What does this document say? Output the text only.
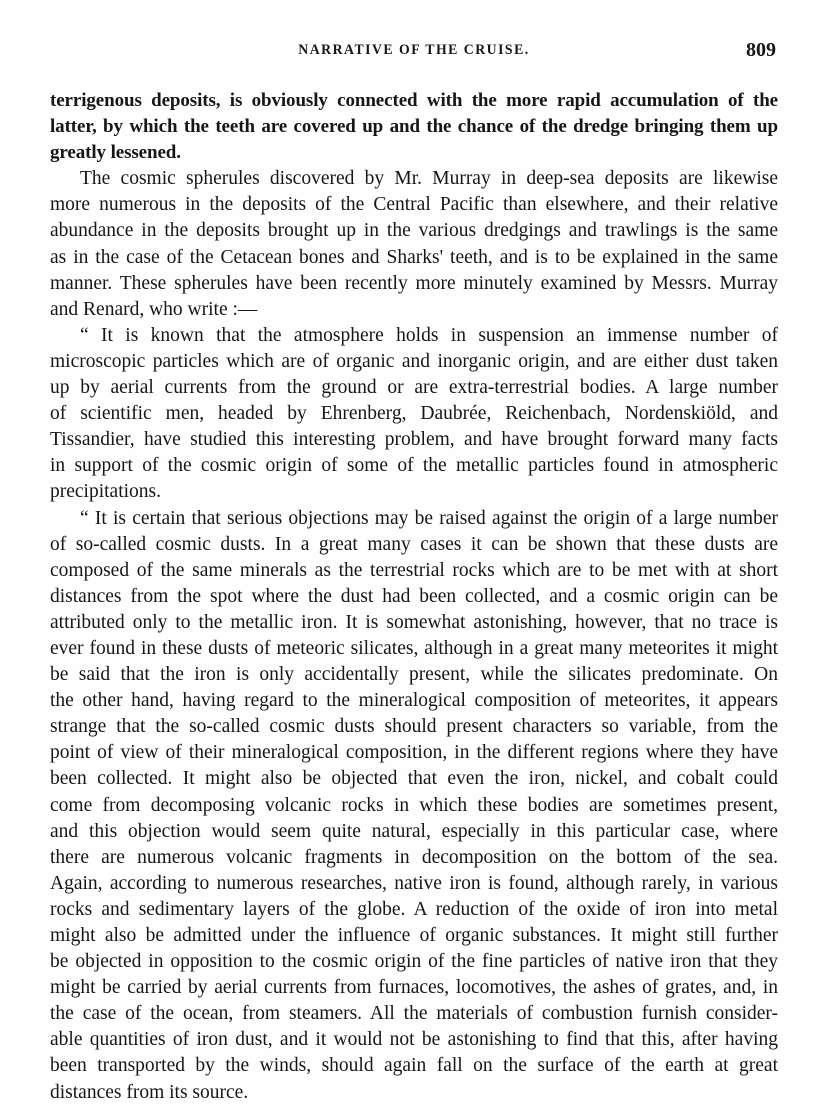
NARRATIVE OF THE CRUISE.	809
terrigenous deposits, is obviously connected with the more rapid accumulation of the
latter, by which the teeth are covered up and the chance of the dredge bringing them up
greatly lessened.
The cosmic spherules discovered by Mr. Murray in deep-sea deposits are likewise
more numerous in the deposits of the Central Pacific than elsewhere, and their relative
abundance in the deposits brought up in the various dredgings and trawlings is the same
as in the case of the Cetacean bones and Sharks' teeth, and is to be explained in the same
manner. These spherules have been recently more minutely examined by Messrs. Murray
and Renard, who write :—
“ It is known that the atmosphere holds in suspension an immense number of
microscopic particles which are of organic and inorganic origin, and are either dust taken
up by aerial currents from the ground or are extra-terrestrial bodies. A large number
of scientific men, headed by Ehrenberg, Daubrée, Reichenbach, Nordenskiöld, and
Tissandier, have studied this interesting problem, and have brought forward many facts
in support of the cosmic origin of some of the metallic particles found in atmospheric
precipitations.
“ It is certain that serious objections may be raised against the origin of a large number
of so-called cosmic dusts. In a great many cases it can be shown that these dusts are
composed of the same minerals as the terrestrial rocks which are to be met with at short
distances from the spot where the dust had been collected, and a cosmic origin can be
attributed only to the metallic iron. It is somewhat astonishing, however, that no trace is
ever found in these dusts of meteoric silicates, although in a great many meteorites it might
be said that the iron is only accidentally present, while the silicates predominate. On
the other hand, having regard to the mineralogical composition of meteorites, it appears
strange that the so-called cosmic dusts should present characters so variable, from the
point of view of their mineralogical composition, in the different regions where they have
been collected. It might also be objected that even the iron, nickel, and cobalt could
come from decomposing volcanic rocks in which these bodies are sometimes present,
and this objection would seem quite natural, especially in this particular case, where
there are numerous volcanic fragments in decomposition on the bottom of the sea.
Again, according to numerous researches, native iron is found, although rarely, in various
rocks and sedimentary layers of the globe. A reduction of the oxide of iron into metal
might also be admitted under the influence of organic substances. It might still further
be objected in opposition to the cosmic origin of the fine particles of native iron that they
might be carried by aerial currents from furnaces, locomotives, the ashes of grates, and, in
the case of the ocean, from steamers. All the materials of combustion furnish consider-
able quantities of iron dust, and it would not be astonishing to find that this, after having
been transported by the winds, should again fall on the surface of the earth at great
distances from its source.
